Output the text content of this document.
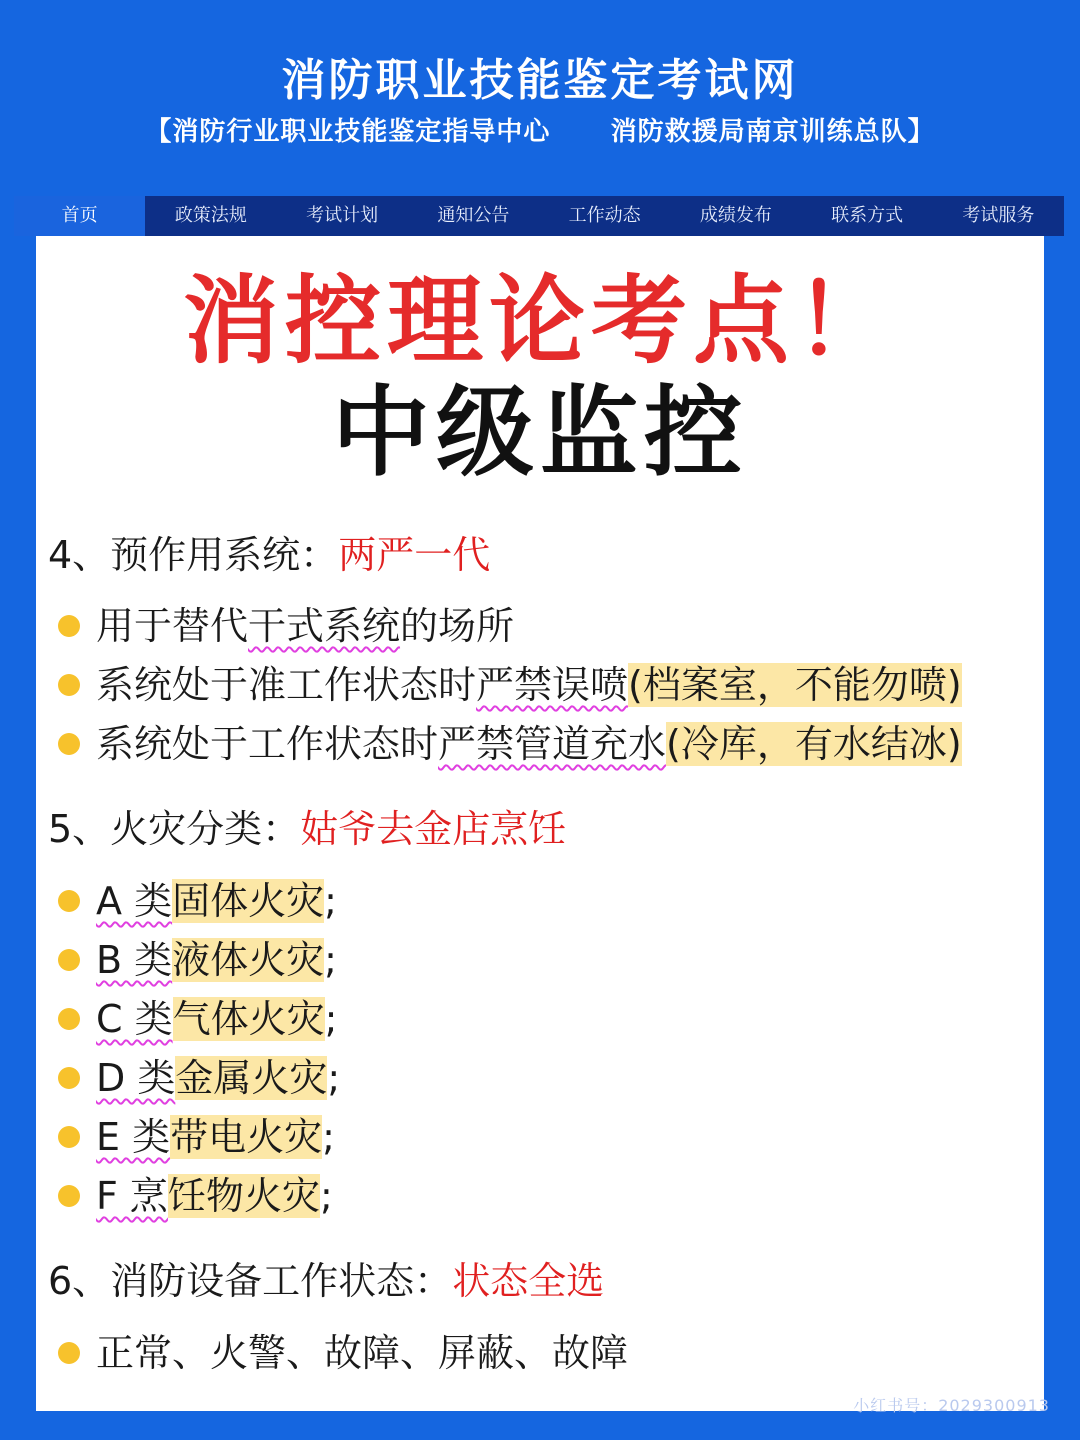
消防职业技能鉴定考试网
【消防行业职业技能鉴定指导中心      消防救援局南京训练总队】
首页	政策法规	考试计划	通知公告	工作动态	成绩发布	联系方式	考试服务
消控理论考点！
中级监控
4、预作用系统：两严一代
用于替代干式系统的场所
系统处于准工作状态时严禁误喷(档案室，不能勿喷)
系统处于工作状态时严禁管道充水(冷库，有水结冰)
5、火灾分类：姑爷去金店烹饪
A 类固体火灾;
B 类液体火灾;
C 类气体火灾;
D 类金属火灾;
E 类带电火灾;
F 烹饪物火灾;
6、消防设备工作状态：状态全选
正常、火警、故障、屏蔽、故障
小红书号：2029300913
